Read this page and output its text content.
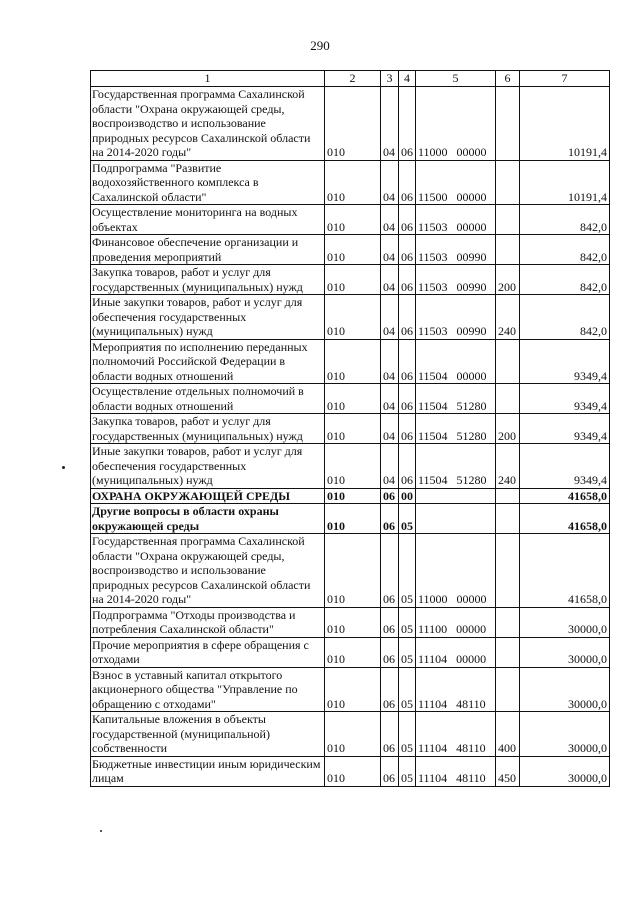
290
1	2	3	4	5	6	7
Государственная программа Сахалинской области "Охрана окружающей среды, воспроизводство и использование природных ресурсов Сахалинской области на 2014-2020 годы"	010	04	06	11000 00000		10191,4
Подпрограмма "Развитие водохозяйственного комплекса в Сахалинской области"	010	04	06	11500 00000		10191,4
Осуществление мониторинга на водных объектах	010	04	06	11503 00000		842,0
Финансовое обеспечение организации и проведения мероприятий	010	04	06	11503 00990		842,0
Закупка товаров, работ и услуг для государственных (муниципальных) нужд	010	04	06	11503 00990	200	842,0
Иные закупки товаров, работ и услуг для обеспечения государственных (муниципальных) нужд	010	04	06	11503 00990	240	842,0
Мероприятия по исполнению переданных полномочий Российской Федерации в области водных отношений	010	04	06	11504 00000		9349,4
Осуществление отдельных полномочий в области водных отношений	010	04	06	11504 51280		9349,4
Закупка товаров, работ и услуг для государственных (муниципальных) нужд	010	04	06	11504 51280	200	9349,4
Иные закупки товаров, работ и услуг для обеспечения государственных (муниципальных) нужд	010	04	06	11504 51280	240	9349,4
ОХРАНА ОКРУЖАЮЩЕЙ СРЕДЫ	010	06	00			41658,0
Другие вопросы в области охраны окружающей среды	010	06	05			41658,0
Государственная программа Сахалинской области "Охрана окружающей среды, воспроизводство и использование природных ресурсов Сахалинской области на 2014-2020 годы"	010	06	05	11000 00000		41658,0
Подпрограмма "Отходы производства и потребления Сахалинской области"	010	06	05	11100 00000		30000,0
Прочие мероприятия в сфере обращения с отходами	010	06	05	11104 00000		30000,0
Взнос в уставный капитал открытого акционерного общества "Управление по обращению с отходами"	010	06	05	11104 48110		30000,0
Капитальные вложения в объекты государственной (муниципальной) собственности	010	06	05	11104 48110	400	30000,0
Бюджетные инвестиции иным юридическим лицам	010	06	05	11104 48110	450	30000,0
